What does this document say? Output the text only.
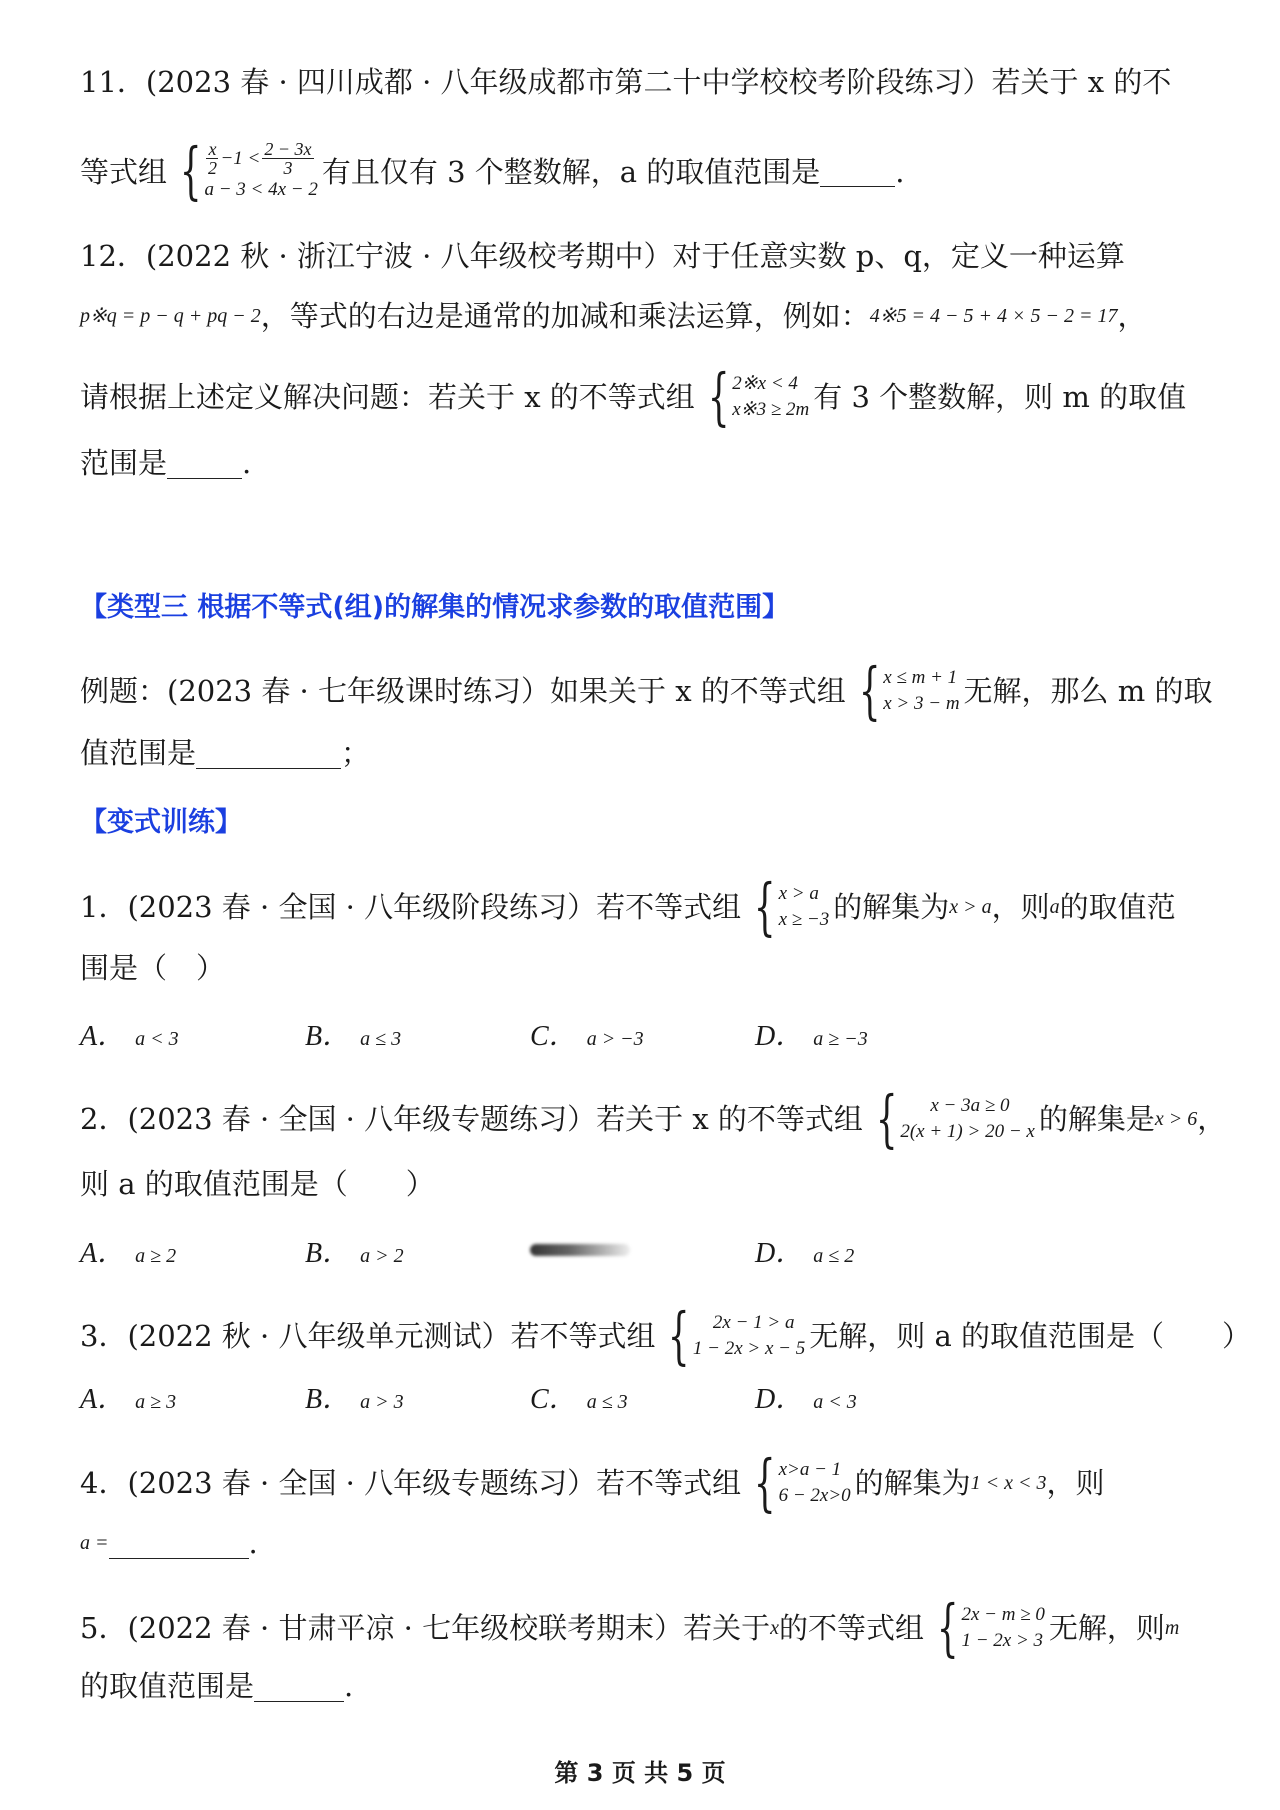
11．(2023 春 · 四川成都 · 八年级成都市第二十中学校校考阶段练习）若关于 x 的不
等式组 { $\frac{x}{2} -1 < \frac{2 - 3x}{3}$
a − 3 < 4x − 2
有且仅有 3 个整数解，a 的取值范围是	.
12．(2022 秋 · 浙江宁波 · 八年级校考期中）对于任意实数 p、q，定义一种运算
p※q = p − q + pq − 2 ，等式的右边是通常的加减和乘法运算，例如： 4※5 = 4 − 5 + 4 × 5 − 2 = 17 ，
请根据上述定义解决问题：若关于 x 的不等式组 { 2※x < 4
x※3 ≥ 2m 有 3 个整数解，则 m 的取值
范围是	.
【类型三 根据不等式(组)的解集的情况求参数的取值范围】
例题：(2023 春 · 七年级课时练习）如果关于 x 的不等式组 { x ≤ m + 1
x > 3 − m 无解，那么 m 的取
值范围是	；
【变式训练】
1．(2023 春 · 全国 · 八年级阶段练习）若不等式组 { x > a
x ≥ −3 的解集为 x > a ，则 a 的取值范
围是（　）
A． a < 3	B． a ≤ 3	C． a > −3	D． a ≥ −3
2．(2023 春 · 全国 · 八年级专题练习）若关于 x 的不等式组 {	x − 3a ≥ 0
2(x + 1) > 20 − x 的解集是 x > 6 ，
则 a 的取值范围是（　　）
A． a ≥ 2	B． a > 2	D． a ≤ 2
3．(2022 秋 · 八年级单元测试）若不等式组 {	2x − 1 > a
1 − 2x > x − 5 无解，则 a 的取值范围是（　　）
A． a ≥ 3	B． a > 3	C． a ≤ 3	D． a < 3
4．(2023 春 · 全国 · 八年级专题练习）若不等式组 { x>a − 1
6 − 2x>0 的解集为 1 < x < 3 ，则
a =	.
5．(2022 春 · 甘肃平凉 · 七年级校联考期末）若关于 x 的不等式组 { 2x − m ≥ 0
1 − 2x > 3 无解，则 m
的取值范围是	.
第 3 页 共 5 页
